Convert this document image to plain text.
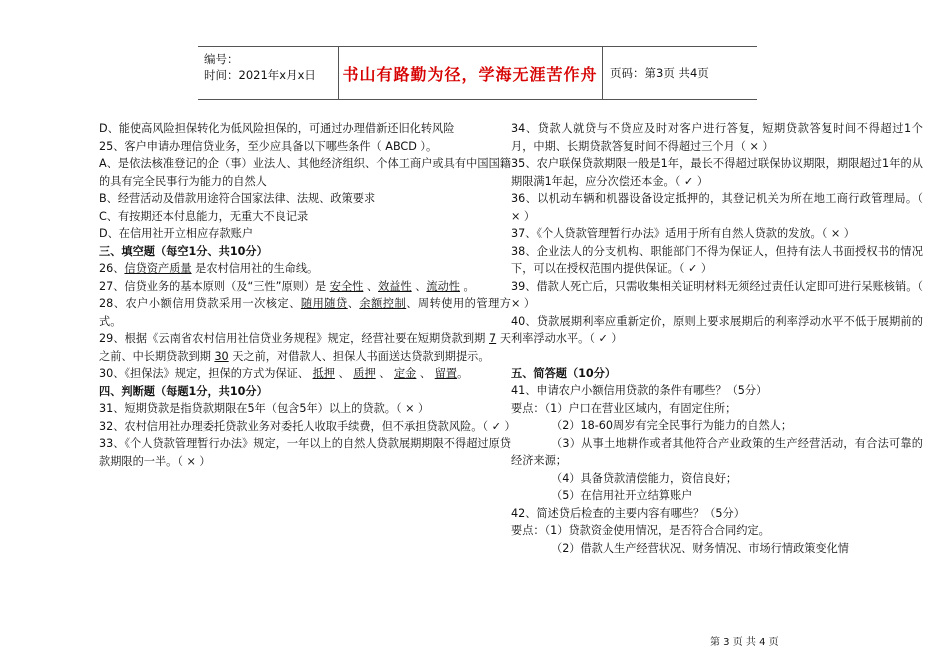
编号：
时间：2021年x月x日	书山有路勤为径，学海无涯苦作舟	页码：第3页 共4页

D、能使高风险担保转化为低风险担保的，可通过办理借新还旧化转风险

25、客户申请办理信贷业务，至少应具备以下哪些条件（ ABCD ）。

A、是依法核准登记的企（事）业法人、其他经济组织、个体工商户或具有中国国籍的具有完全民事行为能力的自然人

B、经营活动及借款用途符合国家法律、法规、政策要求

C、有按期还本付息能力，无重大不良记录

D、在信用社开立相应存款账户

三、填空题（每空1分、共10分）

26、信贷资产质量 是农村信用社的生命线。

27、信贷业务的基本原则（及“三性”原则）是 安全性 、效益性 、流动性 。

28、农户小额信用贷款采用一次核定、随用随贷、余额控制、周转使用的管理方式。

29、根据《云南省农村信用社信贷业务规程》规定，经营社要在短期贷款到期 7 天之前、中长期贷款到期 30 天之前，对借款人、担保人书面送达贷款到期提示。

30、《担保法》规定，担保的方式为保证、 抵押 、 质押 、 定金 、 留置。

四、判断题（每题1分，共10分）

31、短期贷款是指贷款期限在5年（包含5年）以上的贷款。（ × ）

32、农村信用社办理委托贷款业务对委托人收取手续费，但不承担贷款风险。（ ✓ ）

33、《个人贷款管理暂行办法》规定，一年以上的自然人贷款展期期限不得超过原贷款期限的一半。（ × ）

34、贷款人就贷与不贷应及时对客户进行答复，短期贷款答复时间不得超过1个月，中期、长期贷款答复时间不得超过三个月（ × ）

35、农户联保贷款期限一般是1年，最长不得超过联保协议期限，期限超过1年的从期限满1年起，应分次偿还本金。（ ✓ ）

36、以机动车辆和机器设备设定抵押的，其登记机关为所在地工商行政管理局。（ × ）

37、《个人贷款管理暂行办法》适用于所有自然人贷款的发放。（ × ）

38、企业法人的分支机构、职能部门不得为保证人，但持有法人书面授权书的情况下，可以在授权范围内提供保证。（ ✓ ）

39、借款人死亡后，只需收集相关证明材料无须经过责任认定即可进行呆账核销。（ × ）

40、贷款展期利率应重新定价，原则上要求展期后的利率浮动水平不低于展期前的利率浮动水平。（ ✓ ）

五、简答题（10分）

41、申请农户小额信用贷款的条件有哪些？（5分）

要点：（1）户口在营业区域内，有固定住所；

（2）18-60周岁有完全民事行为能力的自然人；

（3）从事土地耕作或者其他符合产业政策的生产经营活动，有合法可靠的经济来源；

（4）具备贷款清偿能力，资信良好；

（5）在信用社开立结算账户

42、简述贷后检查的主要内容有哪些？（5分）

要点：（1）贷款资金使用情况，是否符合合同约定。

（2）借款人生产经营状况、财务情况、市场行情政策变化情

第 3 页 共 4 页
